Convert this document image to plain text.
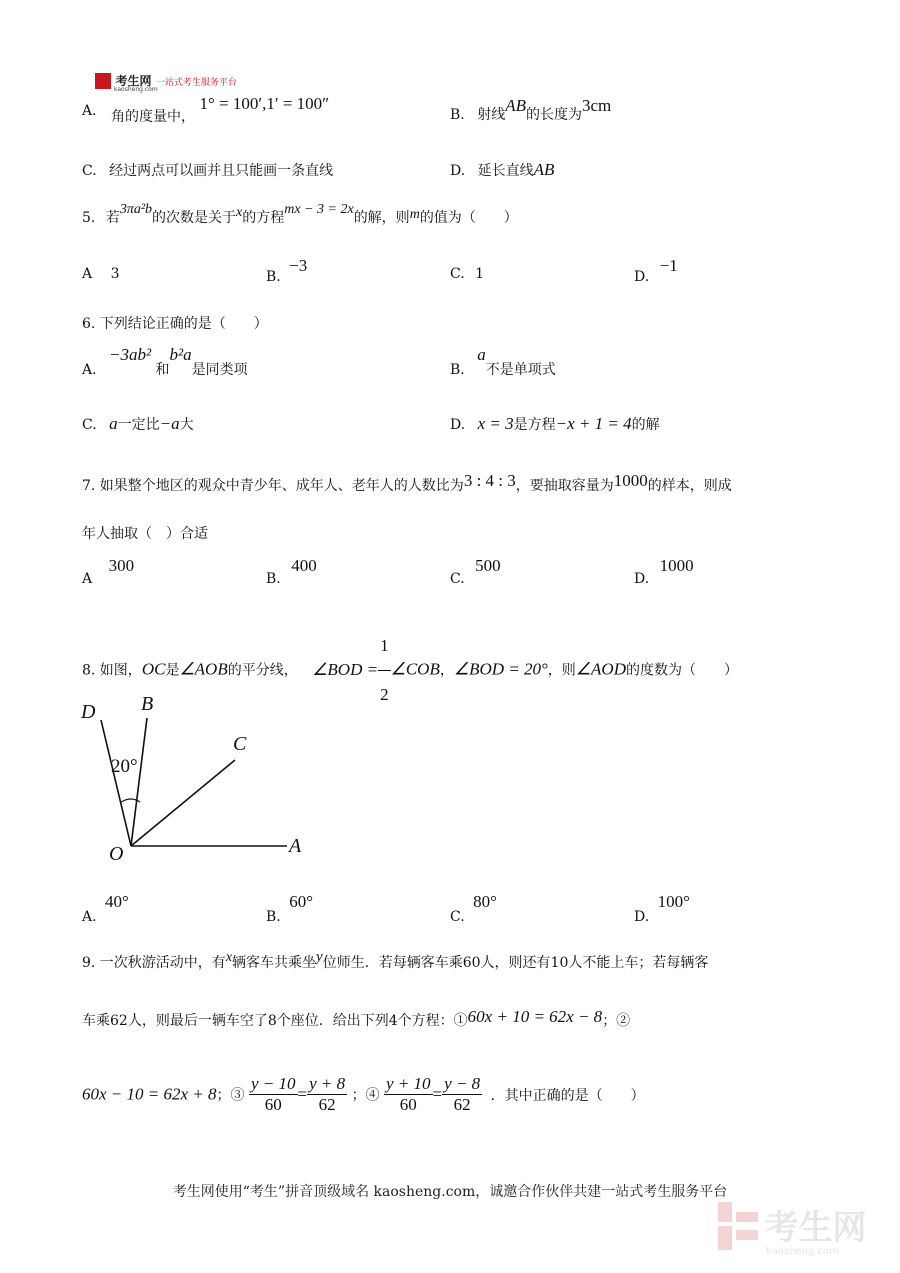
考生网 一站式考生服务平台
kaosheng.com
A. 角的度量中， 1° = 100′,1′ = 100″
B. 射线AB的长度为3cm
C. 经过两点可以画并且只能画一条直线	D. 延长直线AB
5. 若3πa²b的次数是关于x的方程mx − 3 = 2x的解，则m的值为（　　）
A 3	B. −3	C. 1	D. −1
6. 下列结论正确的是（　　）
A. −3ab² 和b²a是同类项	B. a不是单项式
C. a一定比−a大	D. x = 3是方程−x + 1 = 4的解
7. 如果整个地区的观众中青少年、成年人、老年人的人数比为3 : 4 : 3，要抽取容量为1000的样本，则成
年人抽取（　）合适
A 300
B. 400
C. 500
D. 1000
8. 如图，OC是∠AOB的平分线， ∠BOD = $\frac{1}{2}$ ∠COB，∠BOD = 20°，则∠AOD的度数为（　　）
D B
C
O	A
20°
A. 40°
B. 60°
C. 80°
D. 100°
9. 一次秋游活动中，有x辆客车共乘坐y位师生．若每辆客车乘60人，则还有10人不能上车；若每辆客
车乘62人，则最后一辆车空了8个座位．给出下列4个方程：①60x + 10 = 62x − 8；②
60x − 10 = 62x + 8；③ $\frac{y - 10}{60} = \frac{y + 8}{62}$ ；④ $\frac{y + 10}{60} = \frac{y - 8}{62}$ ．其中正确的是（　　）
考生网使用“考生”拼音顶级域名 kaosheng.com，诚邀合作伙伴共建一站式考生服务平台
考生网
kaosheng.com
